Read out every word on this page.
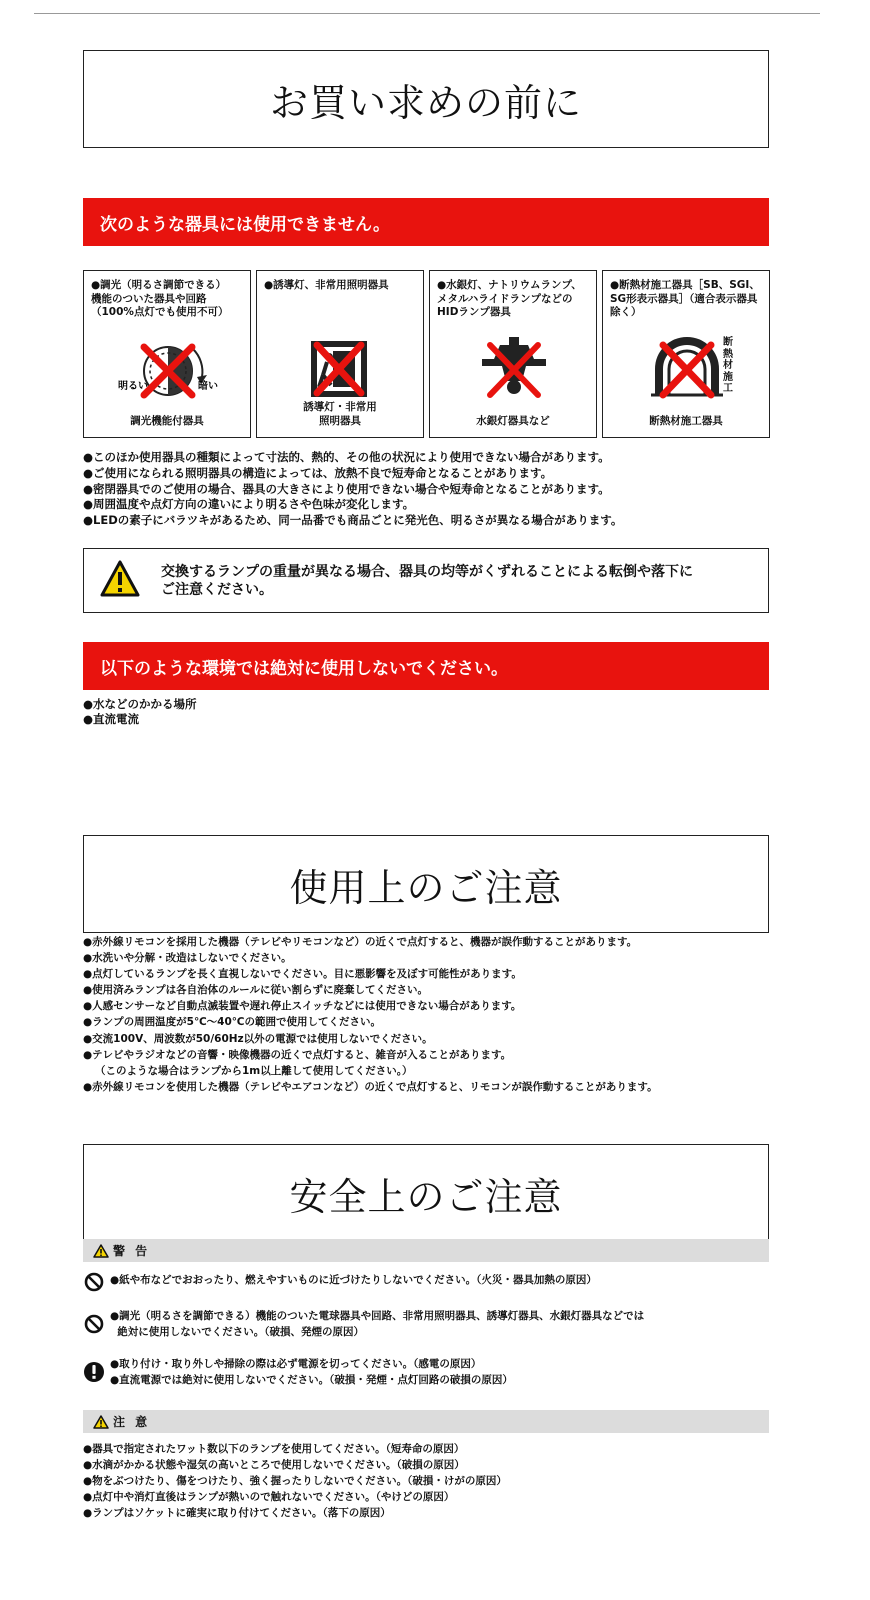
お買い求めの前に
次のような器具には使用できません。
●調光（明るさ調節できる）
機能のついた器具や回路
（100%点灯でも使用不可）
明るい	暗い
調光機能付器具
●誘導灯、非常用照明器具
誘導灯・非常用
照明器具
●水銀灯、ナトリウムランプ、
メタルハライドランプなどの
HIDランプ器具
水銀灯器具など
●断熱材施工器具［SB、SGI、
SG形表示器具］（適合表示器具
除く）
断熱材施工
断熱材施工器具
●このほか使用器具の種類によって寸法的、熱的、その他の状況により使用できない場合があります。
●ご使用になられる照明器具の構造によっては、放熱不良で短寿命となることがあります。
●密閉器具でのご使用の場合、器具の大きさにより使用できない場合や短寿命となることがあります。
●周囲温度や点灯方向の違いにより明るさや色味が変化します。
●LEDの素子にバラツキがあるため、同一品番でも商品ごとに発光色、明るさが異なる場合があります。
交換するランプの重量が異なる場合、器具の均等がくずれることによる転倒や落下に
ご注意ください。
以下のような環境では絶対に使用しないでください。
●水などのかかる場所
●直流電流
使用上のご注意
●赤外線リモコンを採用した機器（テレビやリモコンなど）の近くで点灯すると、機器が誤作動することがあります。
●水洗いや分解・改造はしないでください。
●点灯しているランプを長く直視しないでください。目に悪影響を及ぼす可能性があります。
●使用済みランプは各自治体のルールに従い割らずに廃棄してください。
●人感センサーなど自動点滅装置や遅れ停止スイッチなどには使用できない場合があります。
●ランプの周囲温度が5℃～40℃の範囲で使用してください。
●交流100V、周波数が50/60Hz以外の電源では使用しないでください。
●テレビやラジオなどの音響・映像機器の近くで点灯すると、雑音が入ることがあります。
（このような場合はランプから1m以上離して使用してください。）
●赤外線リモコンを使用した機器（テレビやエアコンなど）の近くで点灯すると、リモコンが誤作動することがあります。
安全上のご注意
警 告
●紙や布などでおおったり、燃えやすいものに近づけたりしないでください。（火災・器具加熱の原因）
●調光（明るさを調節できる）機能のついた電球器具や回路、非常用照明器具、誘導灯器具、水銀灯器具などでは
絶対に使用しないでください。（破損、発煙の原因）
●取り付け・取り外しや掃除の際は必ず電源を切ってください。（感電の原因）
●直流電源では絶対に使用しないでください。（破損・発煙・点灯回路の破損の原因）
注 意
●器具で指定されたワット数以下のランプを使用してください。（短寿命の原因）
●水滴がかかる状態や湿気の高いところで使用しないでください。（破損の原因）
●物をぶつけたり、傷をつけたり、強く握ったりしないでください。（破損・けがの原因）
●点灯中や消灯直後はランプが熱いので触れないでください。（やけどの原因）
●ランプはソケットに確実に取り付けてください。（落下の原因）
